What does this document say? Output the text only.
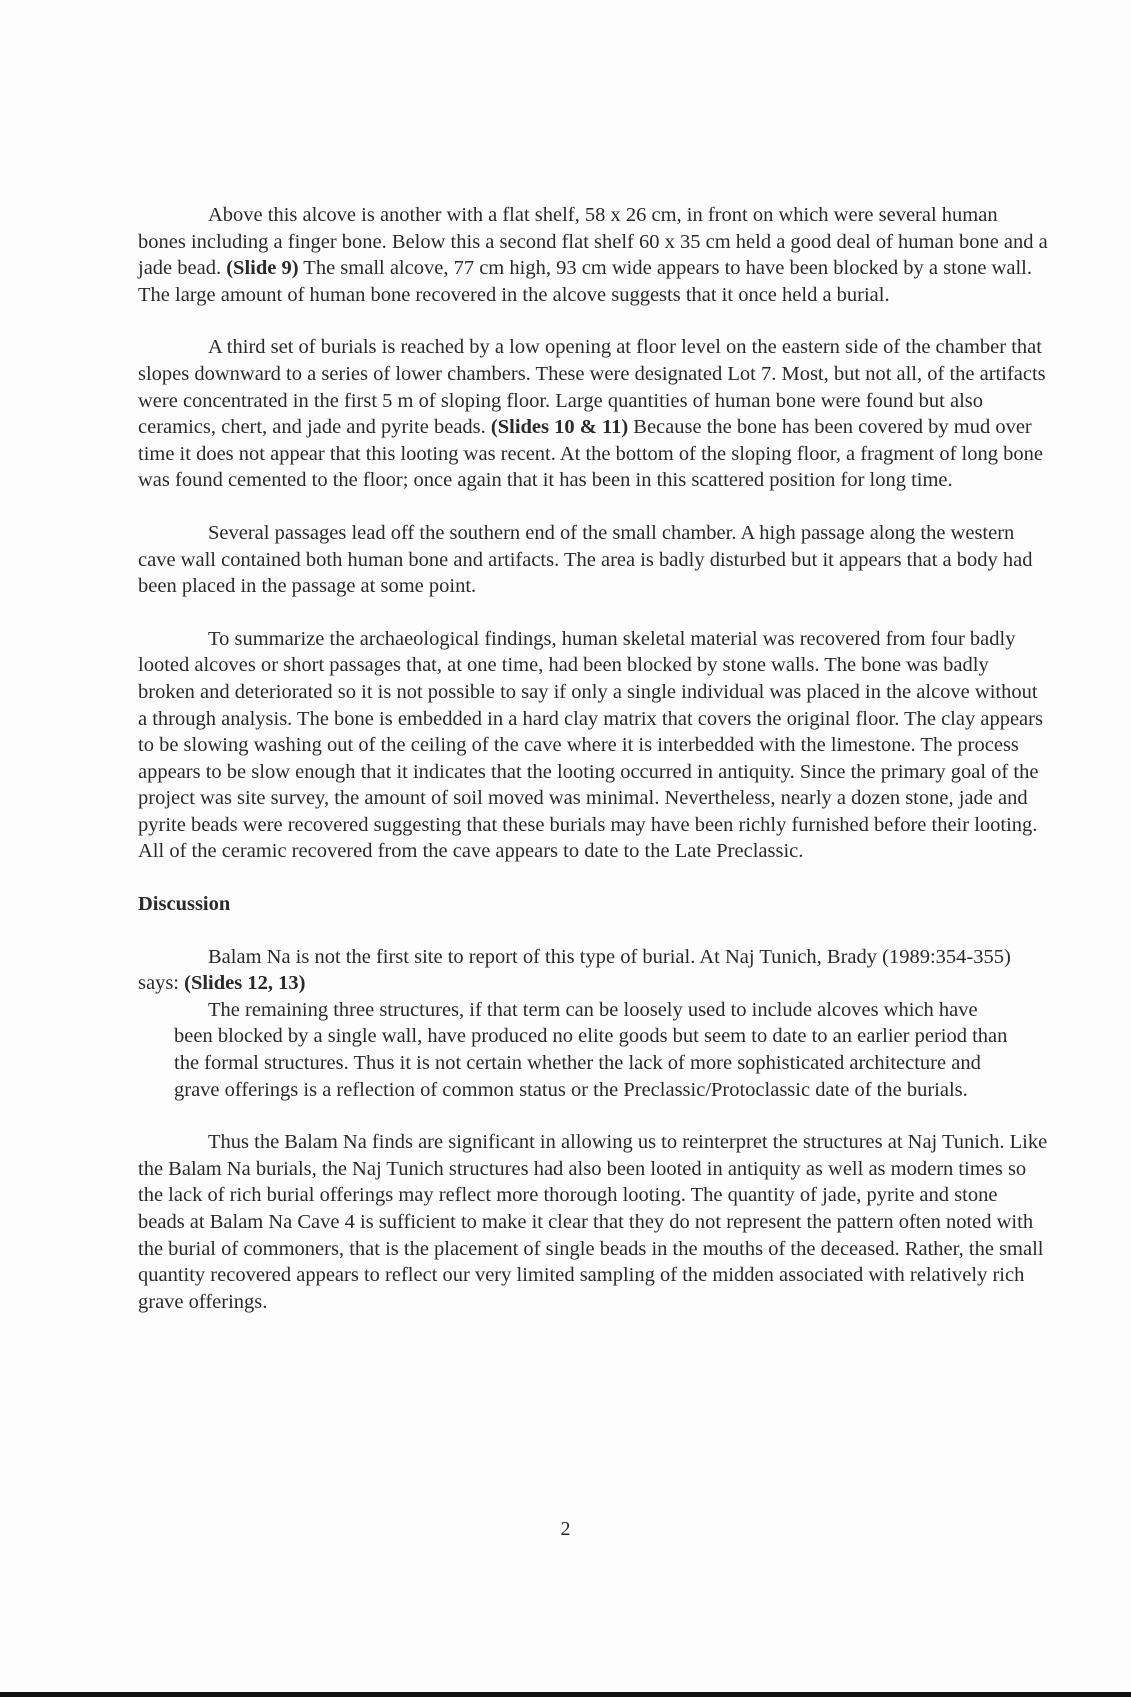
Above this alcove is another with a flat shelf, 58 x 26 cm, in front on which were several human bones including a finger bone. Below this a second flat shelf 60 x 35 cm held a good deal of human bone and a jade bead. (Slide 9) The small alcove, 77 cm high, 93 cm wide appears to have been blocked by a stone wall. The large amount of human bone recovered in the alcove suggests that it once held a burial.

A third set of burials is reached by a low opening at floor level on the eastern side of the chamber that slopes downward to a series of lower chambers. These were designated Lot 7. Most, but not all, of the artifacts were concentrated in the first 5 m of sloping floor. Large quantities of human bone were found but also ceramics, chert, and jade and pyrite beads. (Slides 10 & 11) Because the bone has been covered by mud over time it does not appear that this looting was recent. At the bottom of the sloping floor, a fragment of long bone was found cemented to the floor; once again that it has been in this scattered position for long time.

Several passages lead off the southern end of the small chamber. A high passage along the western cave wall contained both human bone and artifacts. The area is badly disturbed but it appears that a body had been placed in the passage at some point.

To summarize the archaeological findings, human skeletal material was recovered from four badly looted alcoves or short passages that, at one time, had been blocked by stone walls. The bone was badly broken and deteriorated so it is not possible to say if only a single individual was placed in the alcove without a through analysis. The bone is embedded in a hard clay matrix that covers the original floor. The clay appears to be slowing washing out of the ceiling of the cave where it is interbedded with the limestone. The process appears to be slow enough that it indicates that the looting occurred in antiquity. Since the primary goal of the project was site survey, the amount of soil moved was minimal. Nevertheless, nearly a dozen stone, jade and pyrite beads were recovered suggesting that these burials may have been richly furnished before their looting. All of the ceramic recovered from the cave appears to date to the Late Preclassic.

Discussion

Balam Na is not the first site to report of this type of burial. At Naj Tunich, Brady (1989:354-355) says: (Slides 12, 13)

The remaining three structures, if that term can be loosely used to include alcoves which have been blocked by a single wall, have produced no elite goods but seem to date to an earlier period than the formal structures. Thus it is not certain whether the lack of more sophisticated architecture and grave offerings is a reflection of common status or the Preclassic/Protoclassic date of the burials.

Thus the Balam Na finds are significant in allowing us to reinterpret the structures at Naj Tunich. Like the Balam Na burials, the Naj Tunich structures had also been looted in antiquity as well as modern times so the lack of rich burial offerings may reflect more thorough looting. The quantity of jade, pyrite and stone beads at Balam Na Cave 4 is sufficient to make it clear that they do not represent the pattern often noted with the burial of commoners, that is the placement of single beads in the mouths of the deceased. Rather, the small quantity recovered appears to reflect our very limited sampling of the midden associated with relatively rich grave offerings.

2
